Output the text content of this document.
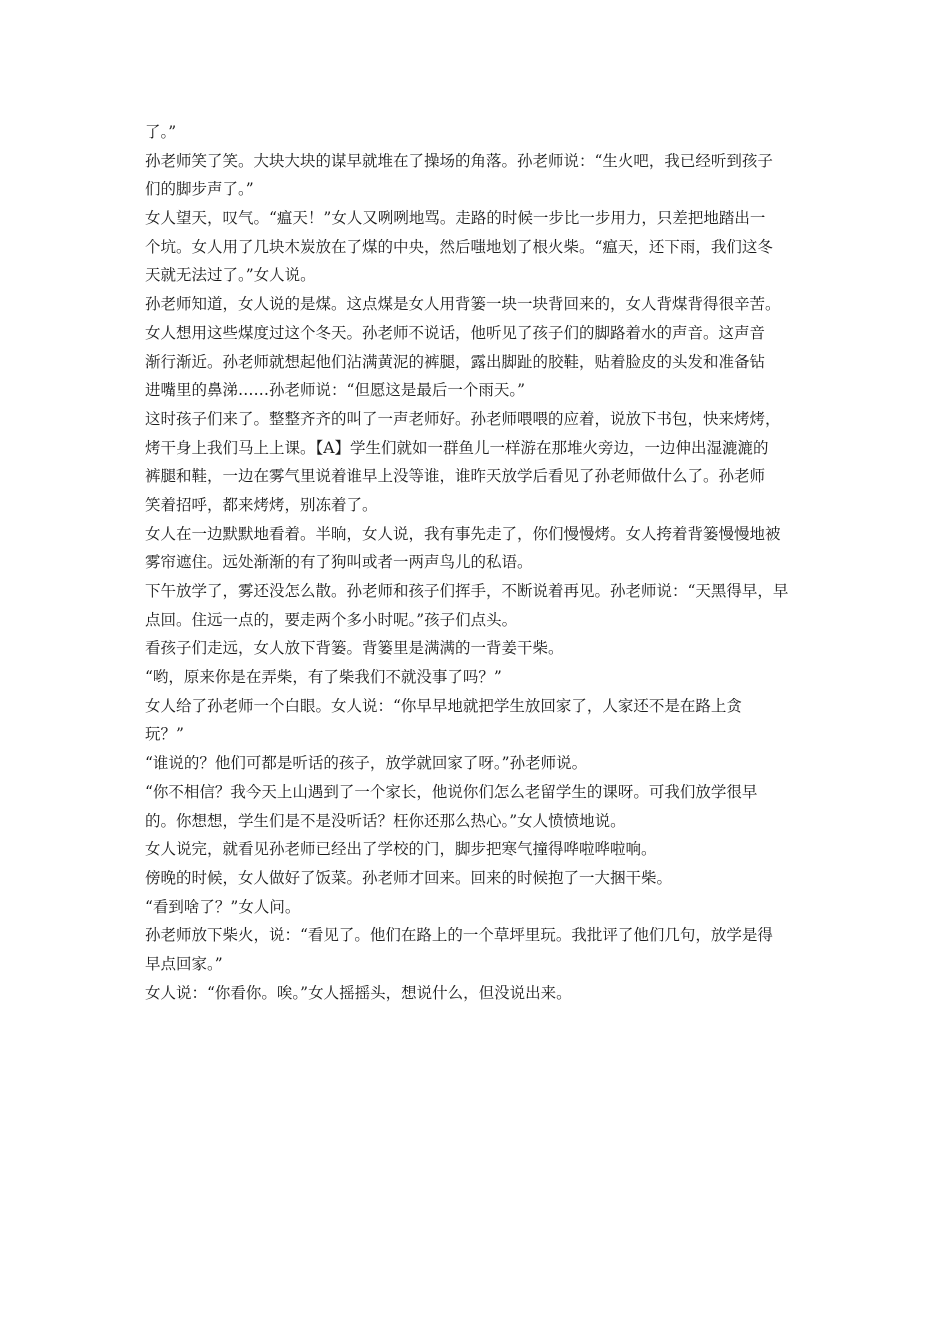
了。”
孙老师笑了笑。大块大块的谋早就堆在了操场的角落。孙老师说：“生火吧，我已经听到孩子
们的脚步声了。”
女人望天，叹气。“瘟天！”女人又咧咧地骂。走路的时候一步比一步用力，只差把地踏出一
个坑。女人用了几块木炭放在了煤的中央，然后嗤地划了根火柴。“瘟天，还下雨，我们这冬
天就无法过了。”女人说。
孙老师知道，女人说的是煤。这点煤是女人用背篓一块一块背回来的，女人背煤背得很辛苦。
女人想用这些煤度过这个冬天。孙老师不说话，他听见了孩子们的脚路着水的声音。这声音
渐行渐近。孙老师就想起他们沾满黄泥的裤腿，露出脚趾的胶鞋，贴着脸皮的头发和准备钻
进嘴里的鼻涕……孙老师说：“但愿这是最后一个雨天。”
这时孩子们来了。整整齐齐的叫了一声老师好。孙老师喂喂的应着，说放下书包，快来烤烤，
烤干身上我们马上上课。【A】学生们就如一群鱼儿一样游在那堆火旁边，一边伸出湿漉漉的
裤腿和鞋，一边在雾气里说着谁早上没等谁，谁昨天放学后看见了孙老师做什么了。孙老师
笑着招呼，都来烤烤，别冻着了。
女人在一边默默地看着。半晌，女人说，我有事先走了，你们慢慢烤。女人挎着背篓慢慢地被
雾帘遮住。远处渐渐的有了狗叫或者一两声鸟儿的私语。
下午放学了，雾还没怎么散。孙老师和孩子们挥手，不断说着再见。孙老师说：“天黑得早，早
点回。住远一点的，要走两个多小时呢。”孩子们点头。
看孩子们走远，女人放下背篓。背篓里是满满的一背姜干柴。
“哟，原来你是在弄柴，有了柴我们不就没事了吗？”
女人给了孙老师一个白眼。女人说：“你早早地就把学生放回家了，人家还不是在路上贪
玩？”
“谁说的？他们可都是听话的孩子，放学就回家了呀。”孙老师说。
“你不相信？我今天上山遇到了一个家长，他说你们怎么老留学生的课呀。可我们放学很早
的。你想想，学生们是不是没听话？枉你还那么热心。”女人愤愤地说。
女人说完，就看见孙老师已经出了学校的门，脚步把寒气撞得哗啦哗啦响。
傍晚的时候，女人做好了饭菜。孙老师才回来。回来的时候抱了一大捆干柴。
“看到啥了？”女人问。
孙老师放下柴火，说：“看见了。他们在路上的一个草坪里玩。我批评了他们几句，放学是得
早点回家。”
女人说：“你看你。唉。”女人摇摇头，想说什么，但没说出来。
